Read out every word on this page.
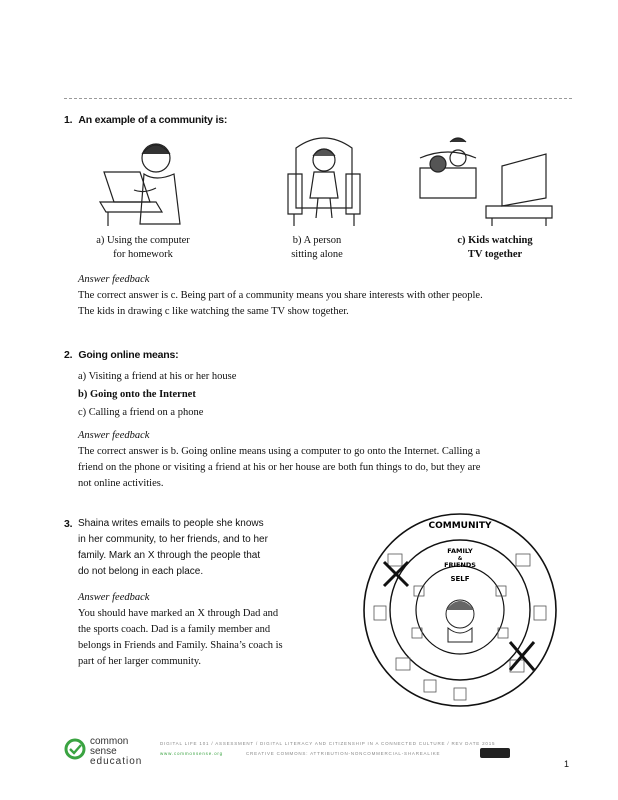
1. An example of a community is:
a) Using the computer
for homework
b) A person
sitting alone
c) Kids watching
TV together
Answer feedback
The correct answer is c. Being part of a community means you share interests with other people.
The kids in drawing c like watching the same TV show together.
2. Going online means:
a) Visiting a friend at his or her house
b) Going onto the Internet
c) Calling a friend on a phone
Answer feedback
The correct answer is b. Going online means using a computer to go onto the Internet. Calling a
friend on the phone or visiting a friend at his or her house are both fun things to do, but they are
not online activities.
3. Shaina writes emails to people she knows
in her community, to her friends, and to her
family. Mark an X through the people that
do not belong in each place.
Answer feedback
You should have marked an X through Dad and
the sports coach. Dad is a family member and
belongs in Friends and Family. Shaina’s coach is
part of her larger community.
COMMUNITY
FAMILY
&
FRIENDS
SELF
common
sense
education
DIGITAL LIFE 101 / ASSESSMENT / DIGITAL LITERACY AND CITIZENSHIP IN A CONNECTED CULTURE / REV DATE 2015
www.commonsense.org	CREATIVE COMMONS: ATTRIBUTION-NONCOMMERCIAL-SHAREALIKE
1
